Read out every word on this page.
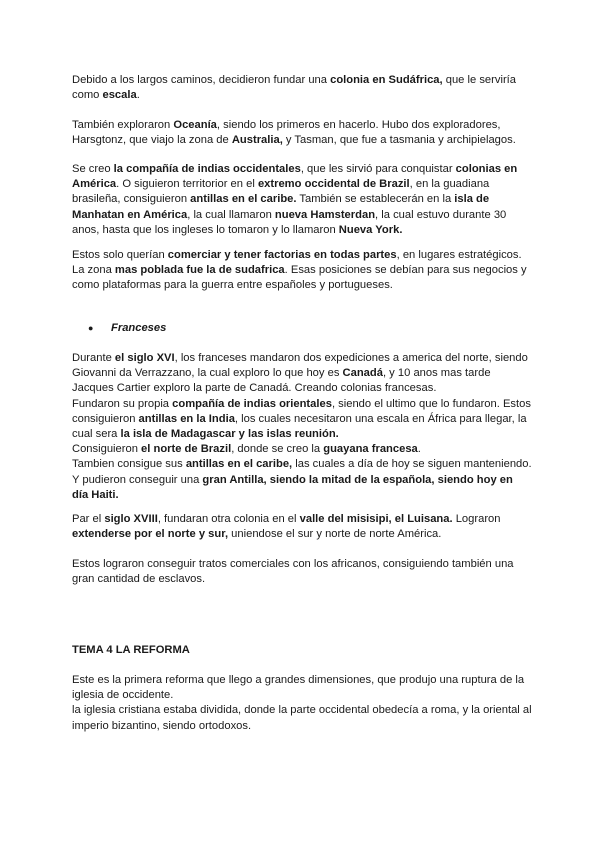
Debido a los largos caminos, decidieron fundar una colonia en Sudáfrica, que le serviría como escala.

También exploraron Oceanía, siendo los primeros en hacerlo. Hubo dos exploradores, Harsgtonz, que viajo la zona de Australia, y Tasman, que fue a tasmania y archipielagos.

Se creo la compañía de indias occidentales, que les sirvió para conquistar colonias en América. O siguieron territorior en el extremo occidental de Brazil, en la guadiana brasileña, consiguieron antillas en el caribe. También se establecerán en la isla de Manhatan en América, la cual llamaron nueva Hamsterdan, la cual estuvo durante 30 anos, hasta que los ingleses lo tomaron y lo llamaron Nueva York.

Estos solo querían comerciar y tener factorias en todas partes, en lugares estratégicos. La zona mas poblada fue la de sudafrica. Esas posiciones se debían para sus negocios y como plataformas para la guerra entre españoles y portugueses.

● Franceses

Durante el siglo XVI, los franceses mandaron dos expediciones a america del norte, siendo Giovanni da Verrazzano, la cual exploro lo que hoy es Canadá, y 10 anos mas tarde Jacques Cartier exploro la parte de Canadá. Creando colonias francesas.
Fundaron su propia compañía de indias orientales, siendo el ultimo que lo fundaron. Estos consiguieron antillas en la India, los cuales necesitaron una escala en África para llegar, la cual sera la isla de Madagascar y las islas reunión.
Consiguieron el norte de Brazil, donde se creo la guayana francesa.
Tambien consigue sus antillas en el caribe, las cuales a día de hoy se siguen manteniendo. Y pudieron conseguir una gran Antilla, siendo la mitad de la española, siendo hoy en día Haiti.

Par el siglo XVIII, fundaran otra colonia en el valle del misisipi, el Luisana. Lograron extenderse por el norte y sur, uniendose el sur y norte de norte América.

Estos lograron conseguir tratos comerciales con los africanos, consiguiendo también una gran cantidad de esclavos.

TEMA 4 LA REFORMA

Este es la primera reforma que llego a grandes dimensiones, que produjo una ruptura de la iglesia de occidente.
la iglesia cristiana estaba dividida, donde la parte occidental obedecía a roma, y la oriental al imperio bizantino, siendo ortodoxos.
